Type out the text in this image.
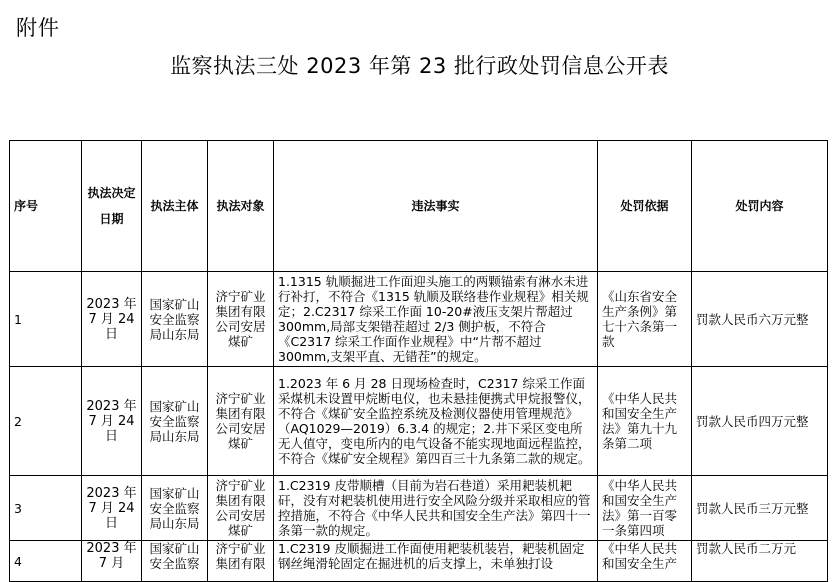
附件
监察执法三处 2023 年第 23 批行政处罚信息公开表
序号	执法决定日期	执法主体	执法对象	违法事实	处罚依据	处罚内容
1	2023 年 7 月 24 日	国家矿山安全监察局山东局	济宁矿业集团有限公司安居煤矿	1.1315 轨顺掘进工作面迎头施工的两颗锚索有淋水未进行补打，不符合《1315 轨顺及联络巷作业规程》相关规定；2.C2317 综采工作面 10-20#液压支架片帮超过 300mm,局部支架错茬超过 2/3 侧护板，不符合《C2317 综采工作面作业规程》中“片帮不超过 300mm,支架平直、无错茬”的规定。	《山东省安全生产条例》第七十六条第一款	罚款人民币六万元整
2	2023 年 7 月 24 日	国家矿山安全监察局山东局	济宁矿业集团有限公司安居煤矿	1.2023 年 6 月 28 日现场检查时，C2317 综采工作面采煤机未设置甲烷断电仪，也未悬挂便携式甲烷报警仪，不符合《煤矿安全监控系统及检测仪器使用管理规范》（AQ1029—2019）6.3.4 的规定；2.井下采区变电所无人值守，变电所内的电气设备不能实现地面远程监控，不符合《煤矿安全规程》第四百三十九条第二款的规定。	《中华人民共和国安全生产法》第九十九条第二项	罚款人民币四万元整
3	2023 年 7 月 24 日	国家矿山安全监察局山东局	济宁矿业集团有限公司安居煤矿	1.C2319 皮带顺槽（目前为岩石巷道）采用耙装机耙矸，没有对耙装机使用进行安全风险分级并采取相应的管控措施，不符合《中华人民共和国安全生产法》第四十一条第一款的规定。	《中华人民共和国安全生产法》第一百零一条第四项	罚款人民币三万元整
4	2023 年 7 月	国家矿山安全监察	济宁矿业集团有限	1.C2319 皮顺掘进工作面使用耙装机装岩，耙装机固定钢丝绳滑轮固定在掘进机的后支撑上，未单独打设	《中华人民共和国安全生产	罚款人民币二万元
